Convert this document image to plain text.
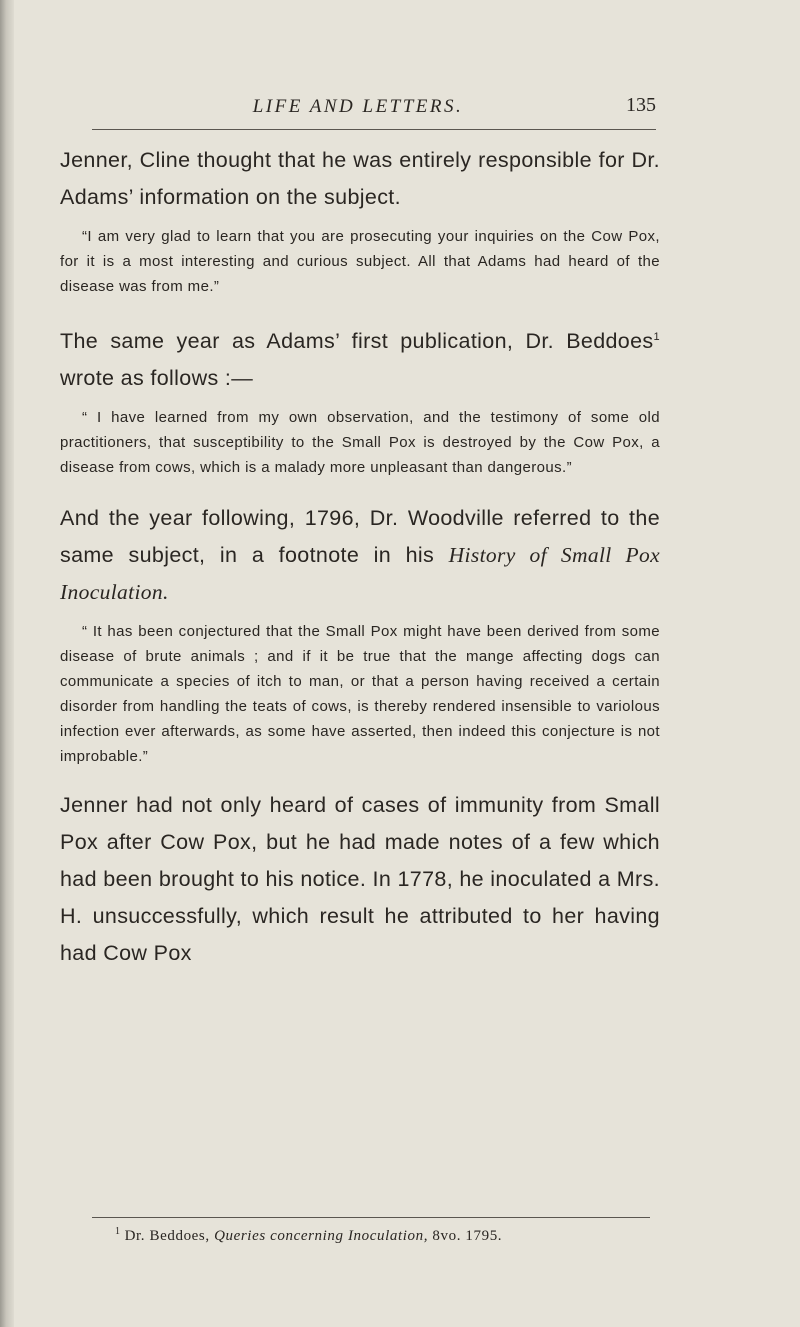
LIFE AND LETTERS.	135

Jenner, Cline thought that he was entirely responsible for Dr. Adams’ information on the subject.

“I am very glad to learn that you are prosecuting your inquiries on the Cow Pox, for it is a most interesting and curious subject. All that Adams had heard of the disease was from me.”

The same year as Adams’ first publication, Dr. Beddoes$^1$ wrote as follows :—

“ I have learned from my own observation, and the testimony of some old practitioners, that susceptibility to the Small Pox is destroyed by the Cow Pox, a disease from cows, which is a malady more unpleasant than dangerous.”

And the year following, 1796, Dr. Woodville referred to the same subject, in a footnote in his History of Small Pox Inoculation.

“ It has been conjectured that the Small Pox might have been derived from some disease of brute animals ; and if it be true that the mange affecting dogs can communicate a species of itch to man, or that a person having received a certain disorder from handling the teats of cows, is thereby rendered insensible to variolous infection ever afterwards, as some have asserted, then indeed this conjecture is not improbable.”

Jenner had not only heard of cases of immunity from Small Pox after Cow Pox, but he had made notes of a few which had been brought to his notice. In 1778, he inoculated a Mrs. H. unsuccessfully, which result he attributed to her having had Cow Pox

$^1$ Dr. Beddoes, Queries concerning Inoculation, 8vo. 1795.
